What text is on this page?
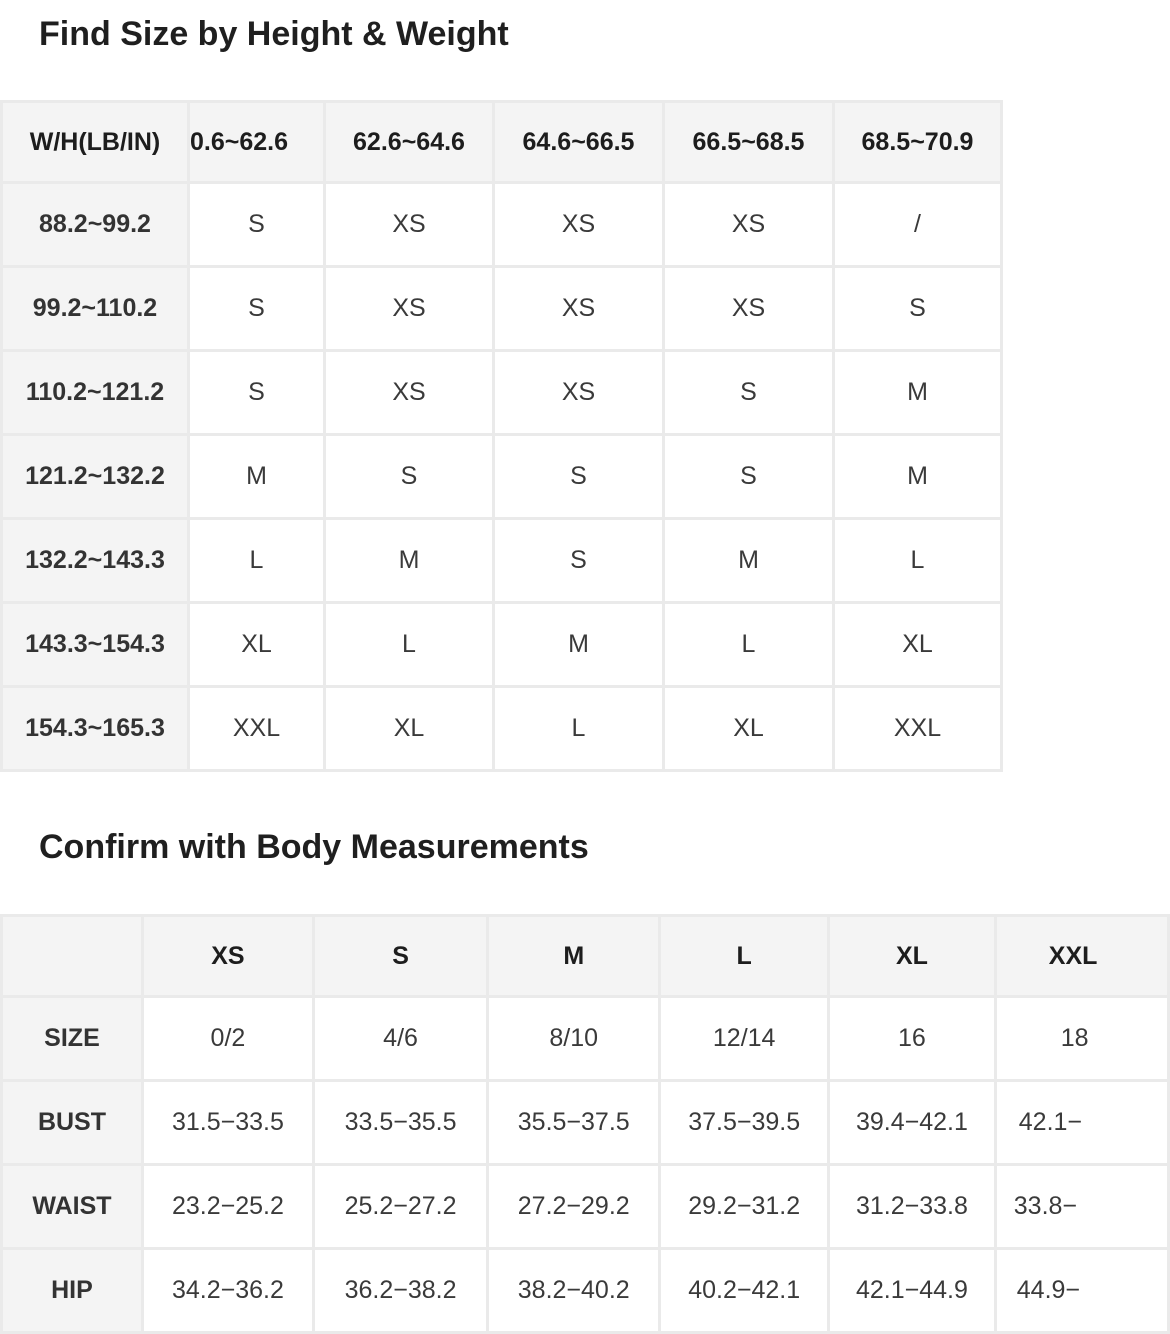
Find Size by Height & Weight
W/H(LB/IN)	0.6~62.6	62.6~64.6	64.6~66.5	66.5~68.5	68.5~70.9
88.2~99.2	S	XS	XS	XS	/
99.2~110.2	S	XS	XS	XS	S
110.2~121.2	S	XS	XS	S	M
121.2~132.2	M	S	S	S	M
132.2~143.3	L	M	S	M	L
143.3~154.3	XL	L	M	L	XL
154.3~165.3	XXL	XL	L	XL	XXL
Confirm with Body Measurements
	XS	S	M	L	XL	XXL
SIZE	0/2	4/6	8/10	12/14	16	18
BUST	31.5−33.5	33.5−35.5	35.5−37.5	37.5−39.5	39.4−42.1	42.1−
WAIST	23.2−25.2	25.2−27.2	27.2−29.2	29.2−31.2	31.2−33.8	33.8−
HIP	34.2−36.2	36.2−38.2	38.2−40.2	40.2−42.1	42.1−44.9	44.9−
